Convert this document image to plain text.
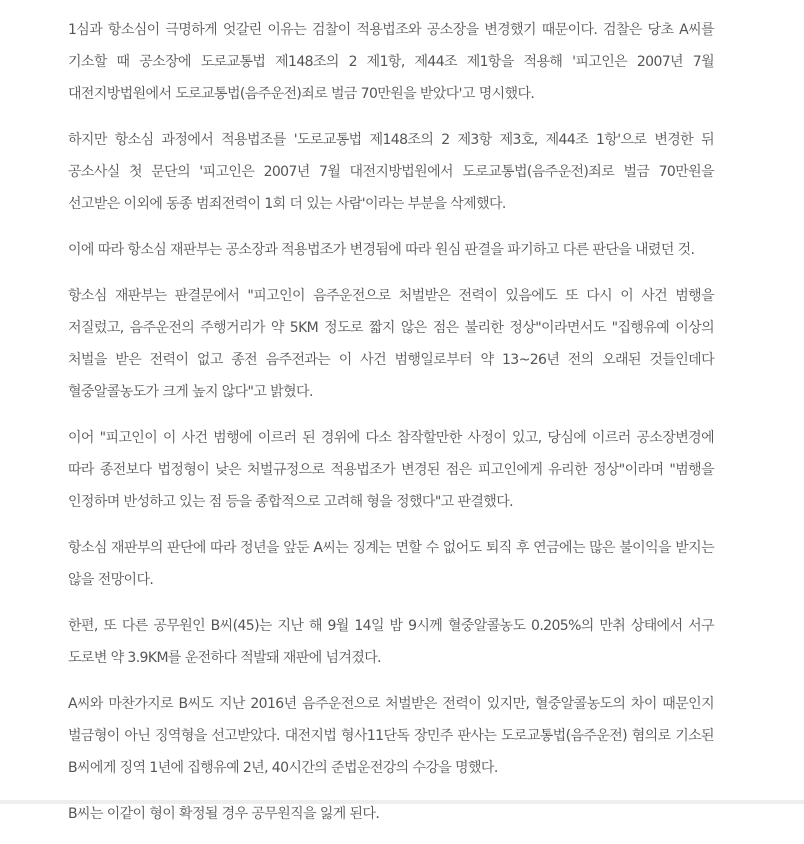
1심과 항소심이 극명하게 엇갈린 이유는 검찰이 적용법조와 공소장을 변경했기 때문이다. 검찰은 당초 A씨를 기소할 때 공소장에 도로교통법 제148조의 2 제1항, 제44조 제1항을 적용해 '피고인은 2007년 7월 대전지방법원에서 도로교통법(음주운전)죄로 벌금 70만원을 받았다'고 명시했다.

하지만 항소심 과정에서 적용법조를 '도로교통법 제148조의 2 제3항 제3호, 제44조 1항'으로 변경한 뒤 공소사실 첫 문단의 '피고인은 2007년 7월 대전지방법원에서 도로교통법(음주운전)죄로 벌금 70만원을 선고받은 이외에 동종 범죄전력이 1회 더 있는 사람'이라는 부분을 삭제했다.

이에 따라 항소심 재판부는 공소장과 적용법조가 변경됨에 따라 원심 판결을 파기하고 다른 판단을 내렸던 것.

항소심 재판부는 판결문에서 "피고인이 음주운전으로 처벌받은 전력이 있음에도 또 다시 이 사건 범행을 저질렀고, 음주운전의 주행거리가 약 5KM 정도로 짧지 않은 점은 불리한 정상"이라면서도 "집행유예 이상의 처벌을 받은 전력이 없고 종전 음주전과는 이 사건 범행일로부터 약 13~26년 전의 오래된 것들인데다 혈중알콜농도가 크게 높지 않다"고 밝혔다.

이어 "피고인이 이 사건 범행에 이르러 된 경위에 다소 참작할만한 사정이 있고, 당심에 이르러 공소장변경에 따라 종전보다 법정형이 낮은 처벌규정으로 적용법조가 변경된 점은 피고인에게 유리한 정상"이라며 "범행을 인정하며 반성하고 있는 점 등을 종합적으로 고려해 형을 정했다"고 판결했다.

항소심 재판부의 판단에 따라 정년을 앞둔 A씨는 징계는 면할 수 없어도 퇴직 후 연금에는 많은 불이익을 받지는 않을 전망이다.

한편, 또 다른 공무원인 B씨(45)는 지난 해 9월 14일 밤 9시께 혈중알콜농도 0.205%의 만취 상태에서 서구 도로변 약 3.9KM를 운전하다 적발돼 재판에 넘겨졌다.

A씨와 마찬가지로 B씨도 지난 2016년 음주운전으로 처벌받은 전력이 있지만, 혈중알콜농도의 차이 때문인지 벌금형이 아닌 징역형을 선고받았다. 대전지법 형사11단독 장민주 판사는 도로교통법(음주운전) 혐의로 기소된 B씨에게 징역 1년에 집행유예 2년, 40시간의 준법운전강의 수강을 명했다.

B씨는 이같이 형이 확정될 경우 공무원직을 잃게 된다.
